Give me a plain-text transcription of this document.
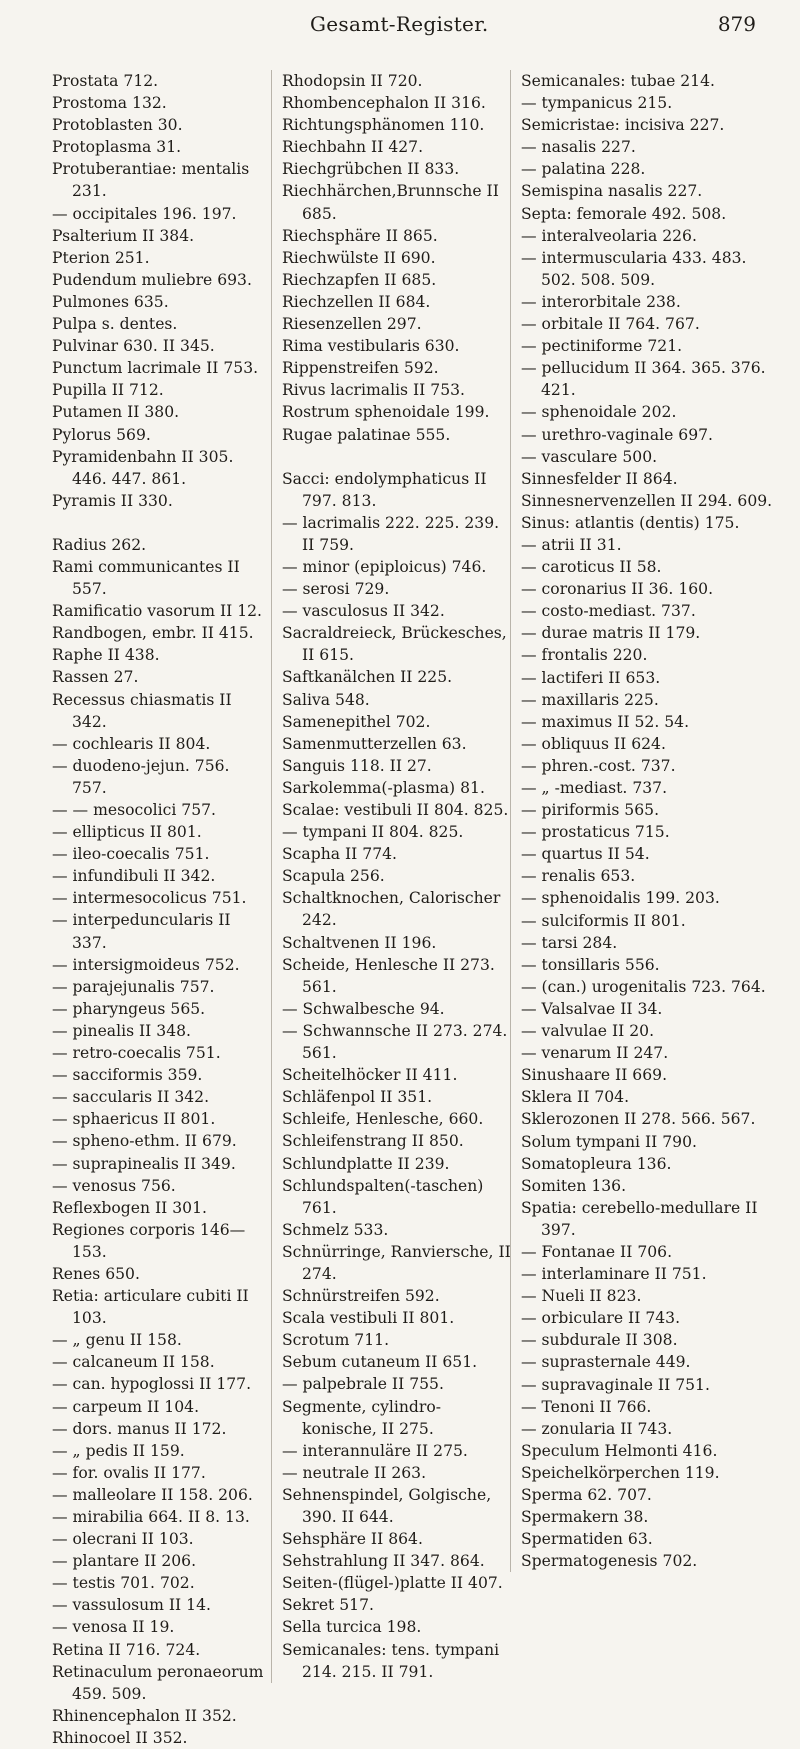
Gesamt-Register.	879
Prostata 712.
Prostoma 132.
Protoblasten 30.
Protoplasma 31.
Protuberantiae: mentalis 231.
— occipitales 196. 197.
Psalterium II 384.
Pterion 251.
Pudendum muliebre 693.
Pulmones 635.
Pulpa s. dentes.
Pulvinar 630. II 345.
Punctum lacrimale II 753.
Pupilla II 712.
Putamen II 380.
Pylorus 569.
Pyramidenbahn II 305. 446. 447. 861.
Pyramis II 330.
Radius 262.
Rami communicantes II 557.
Ramificatio vasorum II 12.
Randbogen, embr. II 415.
Raphe II 438.
Rassen 27.
Recessus chiasmatis II 342.
— cochlearis II 804.
— duodeno-jejun. 756. 757.
— — mesocolici 757.
— ellipticus II 801.
— ileo-coecalis 751.
— infundibuli II 342.
— intermesocolicus 751.
— interpeduncularis II 337.
— intersigmoideus 752.
— parajejunalis 757.
— pharyngeus 565.
— pinealis II 348.
— retro-coecalis 751.
— sacciformis 359.
— saccularis II 342.
— sphaericus II 801.
— spheno-ethm. II 679.
— suprapinealis II 349.
— venosus 756.
Reflexbogen II 301.
Regiones corporis 146—153.
Renes 650.
Retia: articulare cubiti II 103.
— „ genu II 158.
— calcaneum II 158.
— can. hypoglossi II 177.
— carpeum II 104.
— dors. manus II 172.
— „ pedis II 159.
— for. ovalis II 177.
— malleolare II 158. 206.
— mirabilia 664. II 8. 13.
— olecrani II 103.
— plantare II 206.
— testis 701. 702.
— vassulosum II 14.
— venosa II 19.
Retina II 716. 724.
Retinaculum peronaeorum 459. 509.
Rhinencephalon II 352.
Rhinocoel II 352.
Rhodopsin II 720.
Rhombencephalon II 316.
Richtungsphänomen 110.
Riechbahn II 427.
Riechgrübchen II 833.
Riechhärchen,Brunnsche II 685.
Riechsphäre II 865.
Riechwülste II 690.
Riechzapfen II 685.
Riechzellen II 684.
Riesenzellen 297.
Rima vestibularis 630.
Rippenstreifen 592.
Rivus lacrimalis II 753.
Rostrum sphenoidale 199.
Rugae palatinae 555.
Sacci: endolymphaticus II 797. 813.
— lacrimalis 222. 225. 239. II 759.
— minor (epiploicus) 746.
— serosi 729.
— vasculosus II 342.
Sacraldreieck, Brückesches, II 615.
Saftkanälchen II 225.
Saliva 548.
Samenepithel 702.
Samenmutterzellen 63.
Sanguis 118. II 27.
Sarkolemma(-plasma) 81.
Scalae: vestibuli II 804. 825.
— tympani II 804. 825.
Scapha II 774.
Scapula 256.
Schaltknochen, Calorischer 242.
Schaltvenen II 196.
Scheide, Henlesche II 273. 561.
— Schwalbesche 94.
— Schwannsche II 273. 274. 561.
Scheitelhöcker II 411.
Schläfenpol II 351.
Schleife, Henlesche, 660.
Schleifenstrang II 850.
Schlundplatte II 239.
Schlundspalten(-taschen) 761.
Schmelz 533.
Schnürringe, Ranviersche, II 274.
Schnürstreifen 592.
Scala vestibuli II 801.
Scrotum 711.
Sebum cutaneum II 651.
— palpebrale II 755.
Segmente, cylindro-konische, II 275.
— interannuläre II 275.
— neutrale II 263.
Sehnenspindel, Golgische, 390. II 644.
Sehsphäre II 864.
Sehstrahlung II 347. 864.
Seiten-(flügel-)platte II 407.
Sekret 517.
Sella turcica 198.
Semicanales: tens. tympani 214. 215. II 791.
Semicanales: tubae 214.
— tympanicus 215.
Semicristae: incisiva 227.
— nasalis 227.
— palatina 228.
Semispina nasalis 227.
Septa: femorale 492. 508.
— interalveolaria 226.
— intermuscularia 433. 483. 502. 508. 509.
— interorbitale 238.
— orbitale II 764. 767.
— pectiniforme 721.
— pellucidum II 364. 365. 376. 421.
— sphenoidale 202.
— urethro-vaginale 697.
— vasculare 500.
Sinnesfelder II 864.
Sinnesnervenzellen II 294. 609.
Sinus: atlantis (dentis) 175.
— atrii II 31.
— caroticus II 58.
— coronarius II 36. 160.
— costo-mediast. 737.
— durae matris II 179.
— frontalis 220.
— lactiferi II 653.
— maxillaris 225.
— maximus II 52. 54.
— obliquus II 624.
— phren.-cost. 737.
— „ -mediast. 737.
— piriformis 565.
— prostaticus 715.
— quartus II 54.
— renalis 653.
— sphenoidalis 199. 203.
— sulciformis II 801.
— tarsi 284.
— tonsillaris 556.
— (can.) urogenitalis 723. 764.
— Valsalvae II 34.
— valvulae II 20.
— venarum II 247.
Sinushaare II 669.
Sklera II 704.
Sklerozonen II 278. 566. 567.
Solum tympani II 790.
Somatopleura 136.
Somiten 136.
Spatia: cerebello-medullare II 397.
— Fontanae II 706.
— interlaminare II 751.
— Nueli II 823.
— orbiculare II 743.
— subdurale II 308.
— suprasternale 449.
— supravaginale II 751.
— Tenoni II 766.
— zonularia II 743.
Speculum Helmonti 416.
Speichelkörperchen 119.
Sperma 62. 707.
Spermakern 38.
Spermatiden 63.
Spermatogenesis 702.
